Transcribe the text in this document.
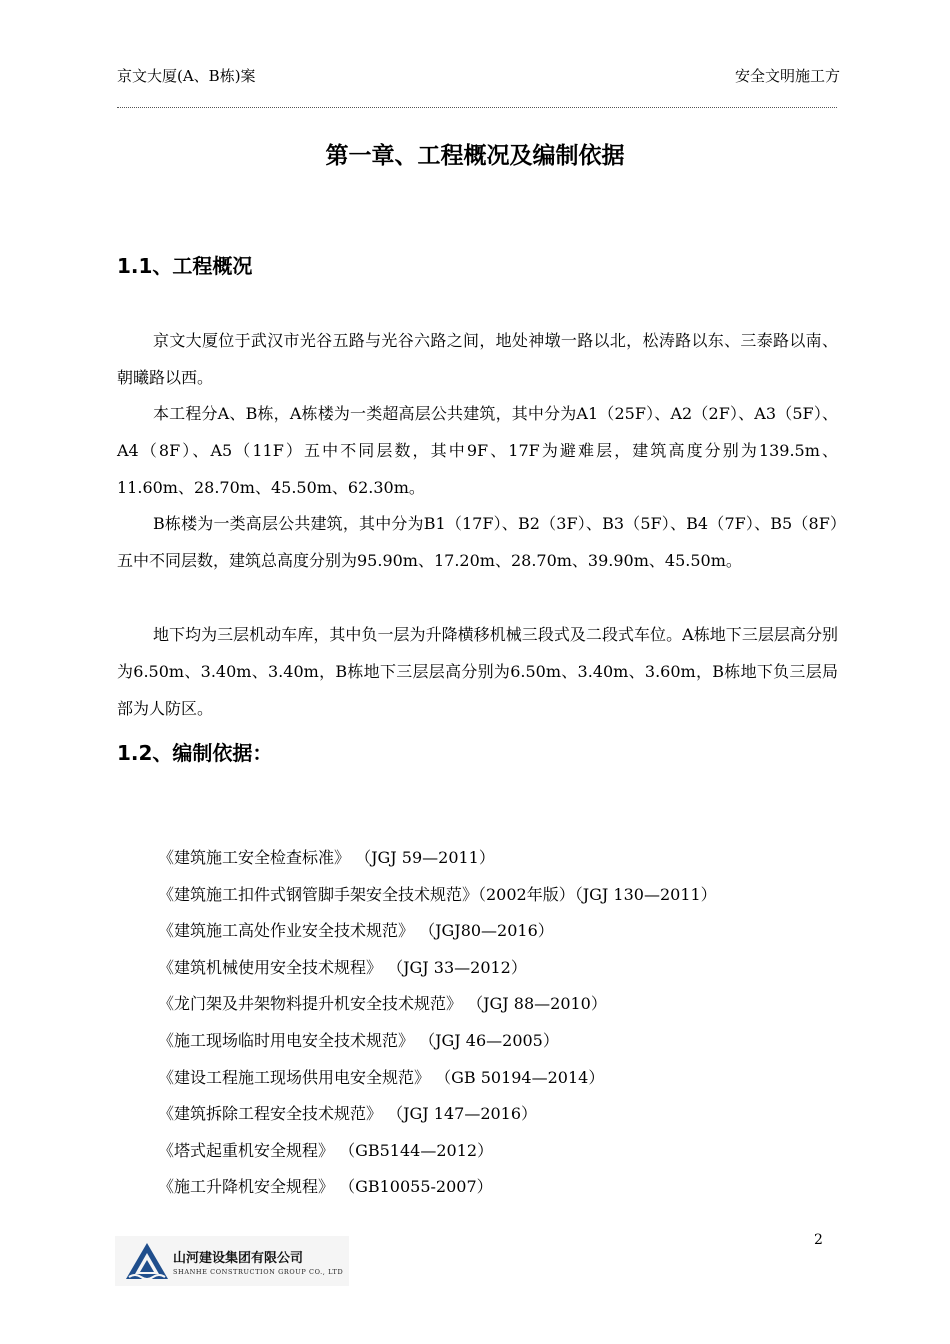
京文大厦(A、B栋)案	安全文明施工方
第一章、工程概况及编制依据
1.1、工程概况
京文大厦位于武汉市光谷五路与光谷六路之间，地处神墩一路以北，松涛路以东、三泰路以南、朝曦路以西。
本工程分A、B栋，A栋楼为一类超高层公共建筑，其中分为A1（25F）、A2（2F）、A3（5F）、A4（8F）、A5（11F）五中不同层数，其中9F、17F为避难层，建筑高度分别为139.5m、11.60m、28.70m、45.50m、62.30m。
B栋楼为一类高层公共建筑，其中分为B1（17F）、B2（3F）、B3（5F）、B4（7F）、B5（8F）五中不同层数，建筑总高度分别为95.90m、17.20m、28.70m、39.90m、45.50m。
地下均为三层机动车库，其中负一层为升降横移机械三段式及二段式车位。A栋地下三层层高分别为6.50m、3.40m、3.40m，B栋地下三层层高分别为6.50m、3.40m、3.60m，B栋地下负三层局部为人防区。
1.2、编制依据：
《建筑施工安全检查标准》 （JGJ 59—2011）
《建筑施工扣件式钢管脚手架安全技术规范》（2002年版）（JGJ 130—2011）
《建筑施工高处作业安全技术规范》 （JGJ80—2016）
《建筑机械使用安全技术规程》 （JGJ 33—2012）
《龙门架及井架物料提升机安全技术规范》 （JGJ 88—2010）
《施工现场临时用电安全技术规范》 （JGJ 46—2005）
《建设工程施工现场供用电安全规范》 （GB 50194—2014）
《建筑拆除工程安全技术规范》 （JGJ 147—2016）
《塔式起重机安全规程》 （GB5144—2012）
《施工升降机安全规程》 （GB10055-2007）
2
山河建设集团有限公司
SHANHE CONSTRUCTION GROUP CO., LTD
